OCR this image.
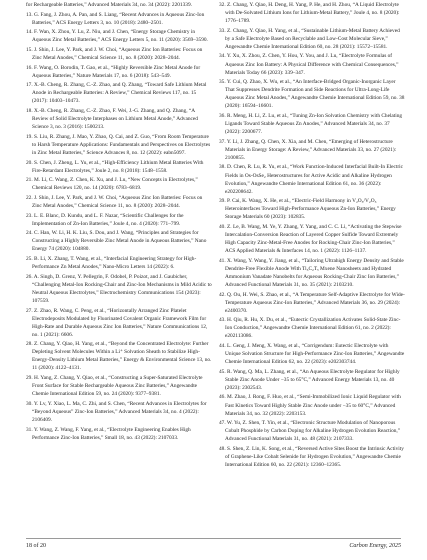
for Rechargeable Batteries,” Advanced Materials 34, no. 34 (2022): 2201339.

13. G. Fang, J. Zhou, A. Pan, and S. Liang, “Recent Advances in Aqueous Zinc-Ion Batteries,” ACS Energy Letters 3, no. 10 (2018): 2480–2501.

14. F. Wan, X. Zhou, Y. Lu, Z. Niu, and J. Chen, “Energy Storage Chemistry in Aqueous Zinc Metal Batteries,” ACS Energy Letters 5, no. 11 (2020): 3569–3590.

15. J. Shin, J. Lee, Y. Park, and J. W. Choi, “Aqueous Zinc Ion Batteries: Focus on Zinc Metal Anodes,” Chemical Science 11, no. 8 (2020): 2028–2044.

16. F. Wang, O. Borodin, T. Gao, et al., “Highly Reversible Zinc Metal Anode for Aqueous Batteries,” Nature Materials 17, no. 6 (2018): 543–549.

17. X.-B. Cheng, R. Zhang, C.-Z. Zhao, and Q. Zhang, “Toward Safe Lithium Metal Anode in Rechargeable Batteries: A Review,” Chemical Reviews 117, no. 15 (2017): 10403–10473.

18. X.-B. Cheng, R. Zhang, C.-Z. Zhao, F. Wei, J.-G. Zhang, and Q. Zhang, “A Review of Solid Electrolyte Interphases on Lithium Metal Anode,” Advanced Science 3, no. 3 (2016): 1500213.

19. S. Liu, R. Zhang, J. Mao, Y. Zhao, Q. Cai, and Z. Guo, “From Room Temperature to Harsh Temperature Applications: Fundamentals and Perspectives on Electrolytes in Zinc Metal Batteries,” Science Advances 8, no. 12 (2022): eabn5097.

20. S. Chen, J. Zheng, L. Yu, et al., “High-Efficiency Lithium Metal Batteries With Fire-Retardant Electrolytes,” Joule 2, no. 8 (2018): 1548–1558.

21. M. Li, C. Wang, Z. Chen, K. Xu, and J. Lu, “New Concepts in Electrolytes,” Chemical Reviews 120, no. 14 (2020): 6783–6819.

22. J. Shin, J. Lee, Y. Park, and J. W. Choi, “Aqueous Zinc Ion Batteries: Focus on Zinc Metal Anodes,” Chemical Science 11, no. 8 (2020): 2028–2044.

23. L. E. Blanc, D. Kundu, and L. F. Nazar, “Scientific Challenges for the Implementation of Zn-Ion Batteries,” Joule 4, no. 4 (2020): 771–799.

24. C. Han, W. Li, H. K. Liu, S. Dou, and J. Wang, “Principles and Strategies for Constructing a Highly Reversible Zinc Metal Anode in Aqueous Batteries,” Nano Energy 74 (2020): 104880.

25. B. Li, X. Zhang, T. Wang, et al., “Interfacial Engineering Strategy for High-Performance Zn Metal Anodes,” Nano-Micro Letters 14 (2022): 6.

26. A. Singh, D. Grenz, Y. Pellegrin, F. Odobel, P. Poizot, and J. Gaubicher, “Challenging Metal-Ion Rocking-Chair and Zinc-Ion Mechanisms in Mild Acidic to Neutral Aqueous Electrolytes,” Electrochemistry Communications 154 (2023): 107559.

27. Z. Zhao, R. Wang, C. Peng, et al., “Horizontally Arranged Zinc Platelet Electrodeposits Modulated by Fluorinated Covalent Organic Framework Film for High-Rate and Durable Aqueous Zinc Ion Batteries,” Nature Communications 12, no. 1 (2021): 6606.

28. Z. Chang, Y. Qiao, H. Yang, et al., “Beyond the Concentrated Electrolyte: Further Depleting Solvent Molecules Within a Li⁺ Solvation Sheath to Stabilize High-Energy-Density Lithium Metal Batteries,” Energy & Environmental Science 13, no. 11 (2020): 4122–4131.

29. H. Yang, Z. Chang, Y. Qiao, et al., “Constructing a Super-Saturated Electrolyte Front Surface for Stable Rechargeable Aqueous Zinc Batteries,” Angewandte Chemie International Edition 59, no. 24 (2020): 9377–9381.

30. Y. Lv, Y. Xiao, L. Ma, C. Zhi, and S. Chen, “Recent Advances in Electrolytes for “Beyond Aqueous” Zinc-Ion Batteries,” Advanced Materials 34, no. 4 (2022): 2106409.

31. Y. Wang, Z. Wang, F. Yang, et al., “Electrolyte Engineering Enables High Performance Zinc-Ion Batteries,” Small 18, no. 43 (2022): 2107033.

32. Z. Chang, Y. Qiao, H. Deng, H. Yang, P. He, and H. Zhou, “A Liquid Electrolyte with De-Solvated Lithium Ions for Lithium-Metal Battery,” Joule 4, no. 8 (2020): 1776–1789.

33. Z. Chang, Y. Qiao, H. Yang, et al., “Sustainable Lithium-Metal Battery Achieved by a Safe Electrolyte Based on Recyclable and Low-Cost Molecular Sieve,” Angewandte Chemie International Edition 60, no. 28 (2021): 15572–15581.

34. Y. Xu, X. Zhou, Z. Chen, Y. Hou, Y. You, and J. Lu, “Electrolyte Formulas of Aqueous Zinc Ion Battery: A Physical Difference with Chemical Consequences,” Materials Today 66 (2023): 339–347.

35. Y. Cui, Q. Zhao, X. Wu, et al., “An Interface-Bridged Organic-Inorganic Layer That Suppresses Dendrite Formation and Side Reactions for Ultra-Long-Life Aqueous Zinc Metal Anodes,” Angewandte Chemie International Edition 59, no. 38 (2020): 16594–16601.

36. R. Meng, H. Li, Z. Lu, et al., “Tuning Zn-Ion Solvation Chemistry with Chelating Ligands Toward Stable Aqueous Zn Anodes,” Advanced Materials 34, no. 37 (2022): 2200677.

37. Y. Li, J. Zhang, Q. Chen, X. Xia, and M. Chen, “Emerging of Heterostructure Materials in Energy Storage: A Review,” Advanced Materials 33, no. 27 (2021): 2100855.

38. D. Chen, R. Lu, R. Yu, et al., “Work Function-Induced Interfacial Built-In Electric Fields in Os-OsSe₂ Heterostructures for Active Acidic and Alkaline Hydrogen Evolution,” Angewandte Chemie International Edition 61, no. 36 (2022): e202208642.

39. P. Cai, K. Wang, X. He, et al., “Electric-Field Harmony in V₂O₅/V₂O₃ Heterointerfaces Toward High-Performance Aqueous Zn-Ion Batteries,” Energy Storage Materials 60 (2023): 102835.

40. Z. Le, B. Wang, M. Ye, Y. Zhang, Y. Yang, and C. C. Li, “Activating the Stepwise Intercalation-Conversion Reaction of Layered Copper Sulfide Toward Extremely High Capacity Zinc-Metal-Free Anodes for Rocking-Chair Zinc-Ion Batteries,” ACS Applied Materials & Interfaces 14, no. 1 (2022): 1126–1137.

41. X. Wang, Y. Wang, Y. Jiang, et al., “Tailoring Ultrahigh Energy Density and Stable Dendrite-Free Flexible Anode With Ti₃C₂Tₓ Mxene Nanosheets and Hydrated Ammonium Vanadate Nanobelts for Aqueous Rocking-Chair Zinc Ion Batteries,” Advanced Functional Materials 31, no. 35 (2021): 2103210.

42. Q. Ou, H. Wei, S. Zhao, et al., “A Temperature Self-Adaptive Electrolyte for Wide-Temperature Aqueous Zinc-Ion Batteries,” Advanced Materials 36, no. 29 (2024): e2400370.

43. H. Qiu, R. Hu, X. Du, et al., “Eutectic Crystallization Activates Solid-State Zinc-Ion Conduction,” Angewandte Chemie International Edition 61, no. 2 (2022): e202113086.

44. L. Geng, J. Meng, X. Wang, et al., “Corrigendum: Eutectic Electrolyte with Unique Solvation Structure for High-Performance Zinc-Ion Batteries,” Angewandte Chemie International Edition 62, no. 22 (2023): e202303744.

45. R. Wang, Q. Ma, L. Zhang, et al., “An Aqueous Electrolyte Regulator for Highly Stable Zinc Anode Under −35 to 65°C,” Advanced Energy Materials 13, no. 40 (2023): 2302543.

46. M. Zhao, J. Rong, F. Huo, et al., “Semi-Immobilized Ionic Liquid Regulator with Fast Kinetics Toward Highly Stable Zinc Anode under −35 to 60°C,” Advanced Materials 34, no. 32 (2022): 2203153.

47. W. Yu, Z. Shen, T. Yin, et al., “Electronic Structure Modulation of Nanoporous Cobalt Phosphide by Carbon Doping for Alkaline Hydrogen Evolution Reaction,” Advanced Functional Materials 31, no. 48 (2021): 2107333.

48. S. Shen, Z. Lin, K. Song, et al., “Reversed Active Sites Boost the Intrinsic Activity of Graphene-Like Cobalt Selenide for Hydrogen Evolution,” Angewandte Chemie International Edition 60, no. 22 (2021): 12360–12365.

18 of 20	Carbon Energy, 2025
